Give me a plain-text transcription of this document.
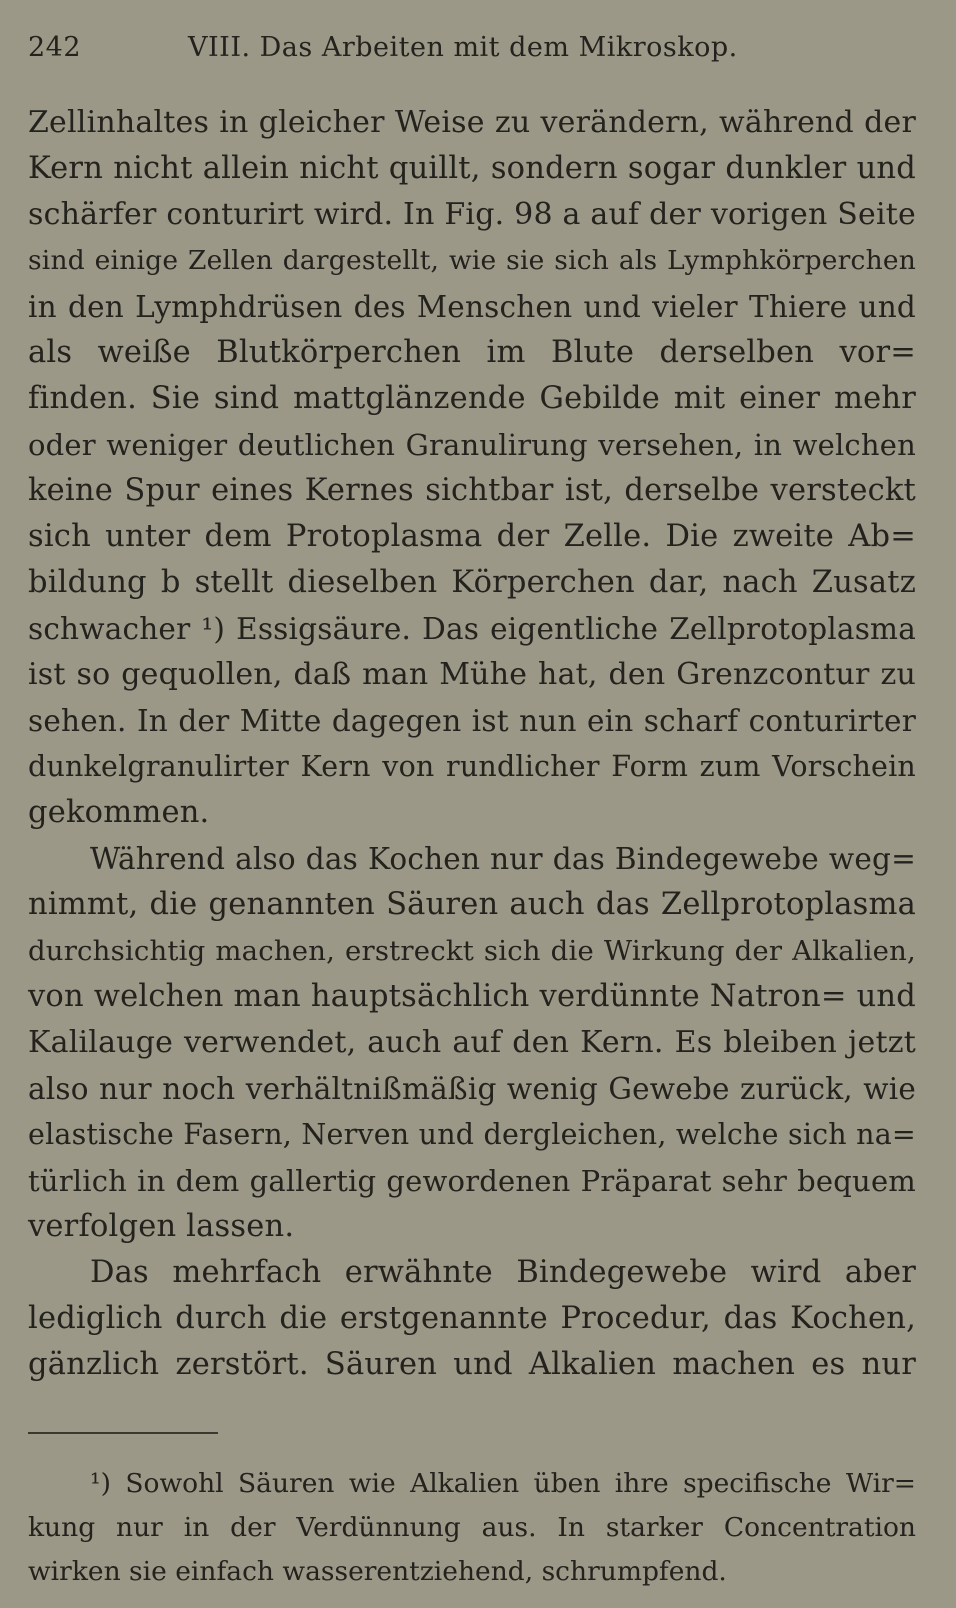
242	VIII. Das Arbeiten mit dem Mikroskop.
Zellinhaltes in gleicher Weise zu verändern, während der
Kern nicht allein nicht quillt, sondern sogar dunkler und
schärfer conturirt wird. In Fig. 98 a auf der vorigen Seite
sind einige Zellen dargestellt, wie sie sich als Lymphkörperchen
in den Lymphdrüsen des Menschen und vieler Thiere und
als weiße Blutkörperchen im Blute derselben vor=
finden. Sie sind mattglänzende Gebilde mit einer mehr
oder weniger deutlichen Granulirung versehen, in welchen
keine Spur eines Kernes sichtbar ist, derselbe versteckt
sich unter dem Protoplasma der Zelle. Die zweite Ab=
bildung b stellt dieselben Körperchen dar, nach Zusatz
schwacher ¹) Essigsäure. Das eigentliche Zellprotoplasma
ist so gequollen, daß man Mühe hat, den Grenzcontur zu
sehen. In der Mitte dagegen ist nun ein scharf conturirter
dunkelgranulirter Kern von rundlicher Form zum Vorschein
gekommen.
Während also das Kochen nur das Bindegewebe weg=
nimmt, die genannten Säuren auch das Zellprotoplasma
durchsichtig machen, erstreckt sich die Wirkung der Alkalien,
von welchen man hauptsächlich verdünnte Natron= und
Kalilauge verwendet, auch auf den Kern. Es bleiben jetzt
also nur noch verhältnißmäßig wenig Gewebe zurück, wie
elastische Fasern, Nerven und dergleichen, welche sich na=
türlich in dem gallertig gewordenen Präparat sehr bequem
verfolgen lassen.
Das mehrfach erwähnte Bindegewebe wird aber
lediglich durch die erstgenannte Procedur, das Kochen,
gänzlich zerstört. Säuren und Alkalien machen es nur
¹) Sowohl Säuren wie Alkalien üben ihre specifische Wir=
kung nur in der Verdünnung aus. In starker Concentration
wirken sie einfach wasserentziehend, schrumpfend.
